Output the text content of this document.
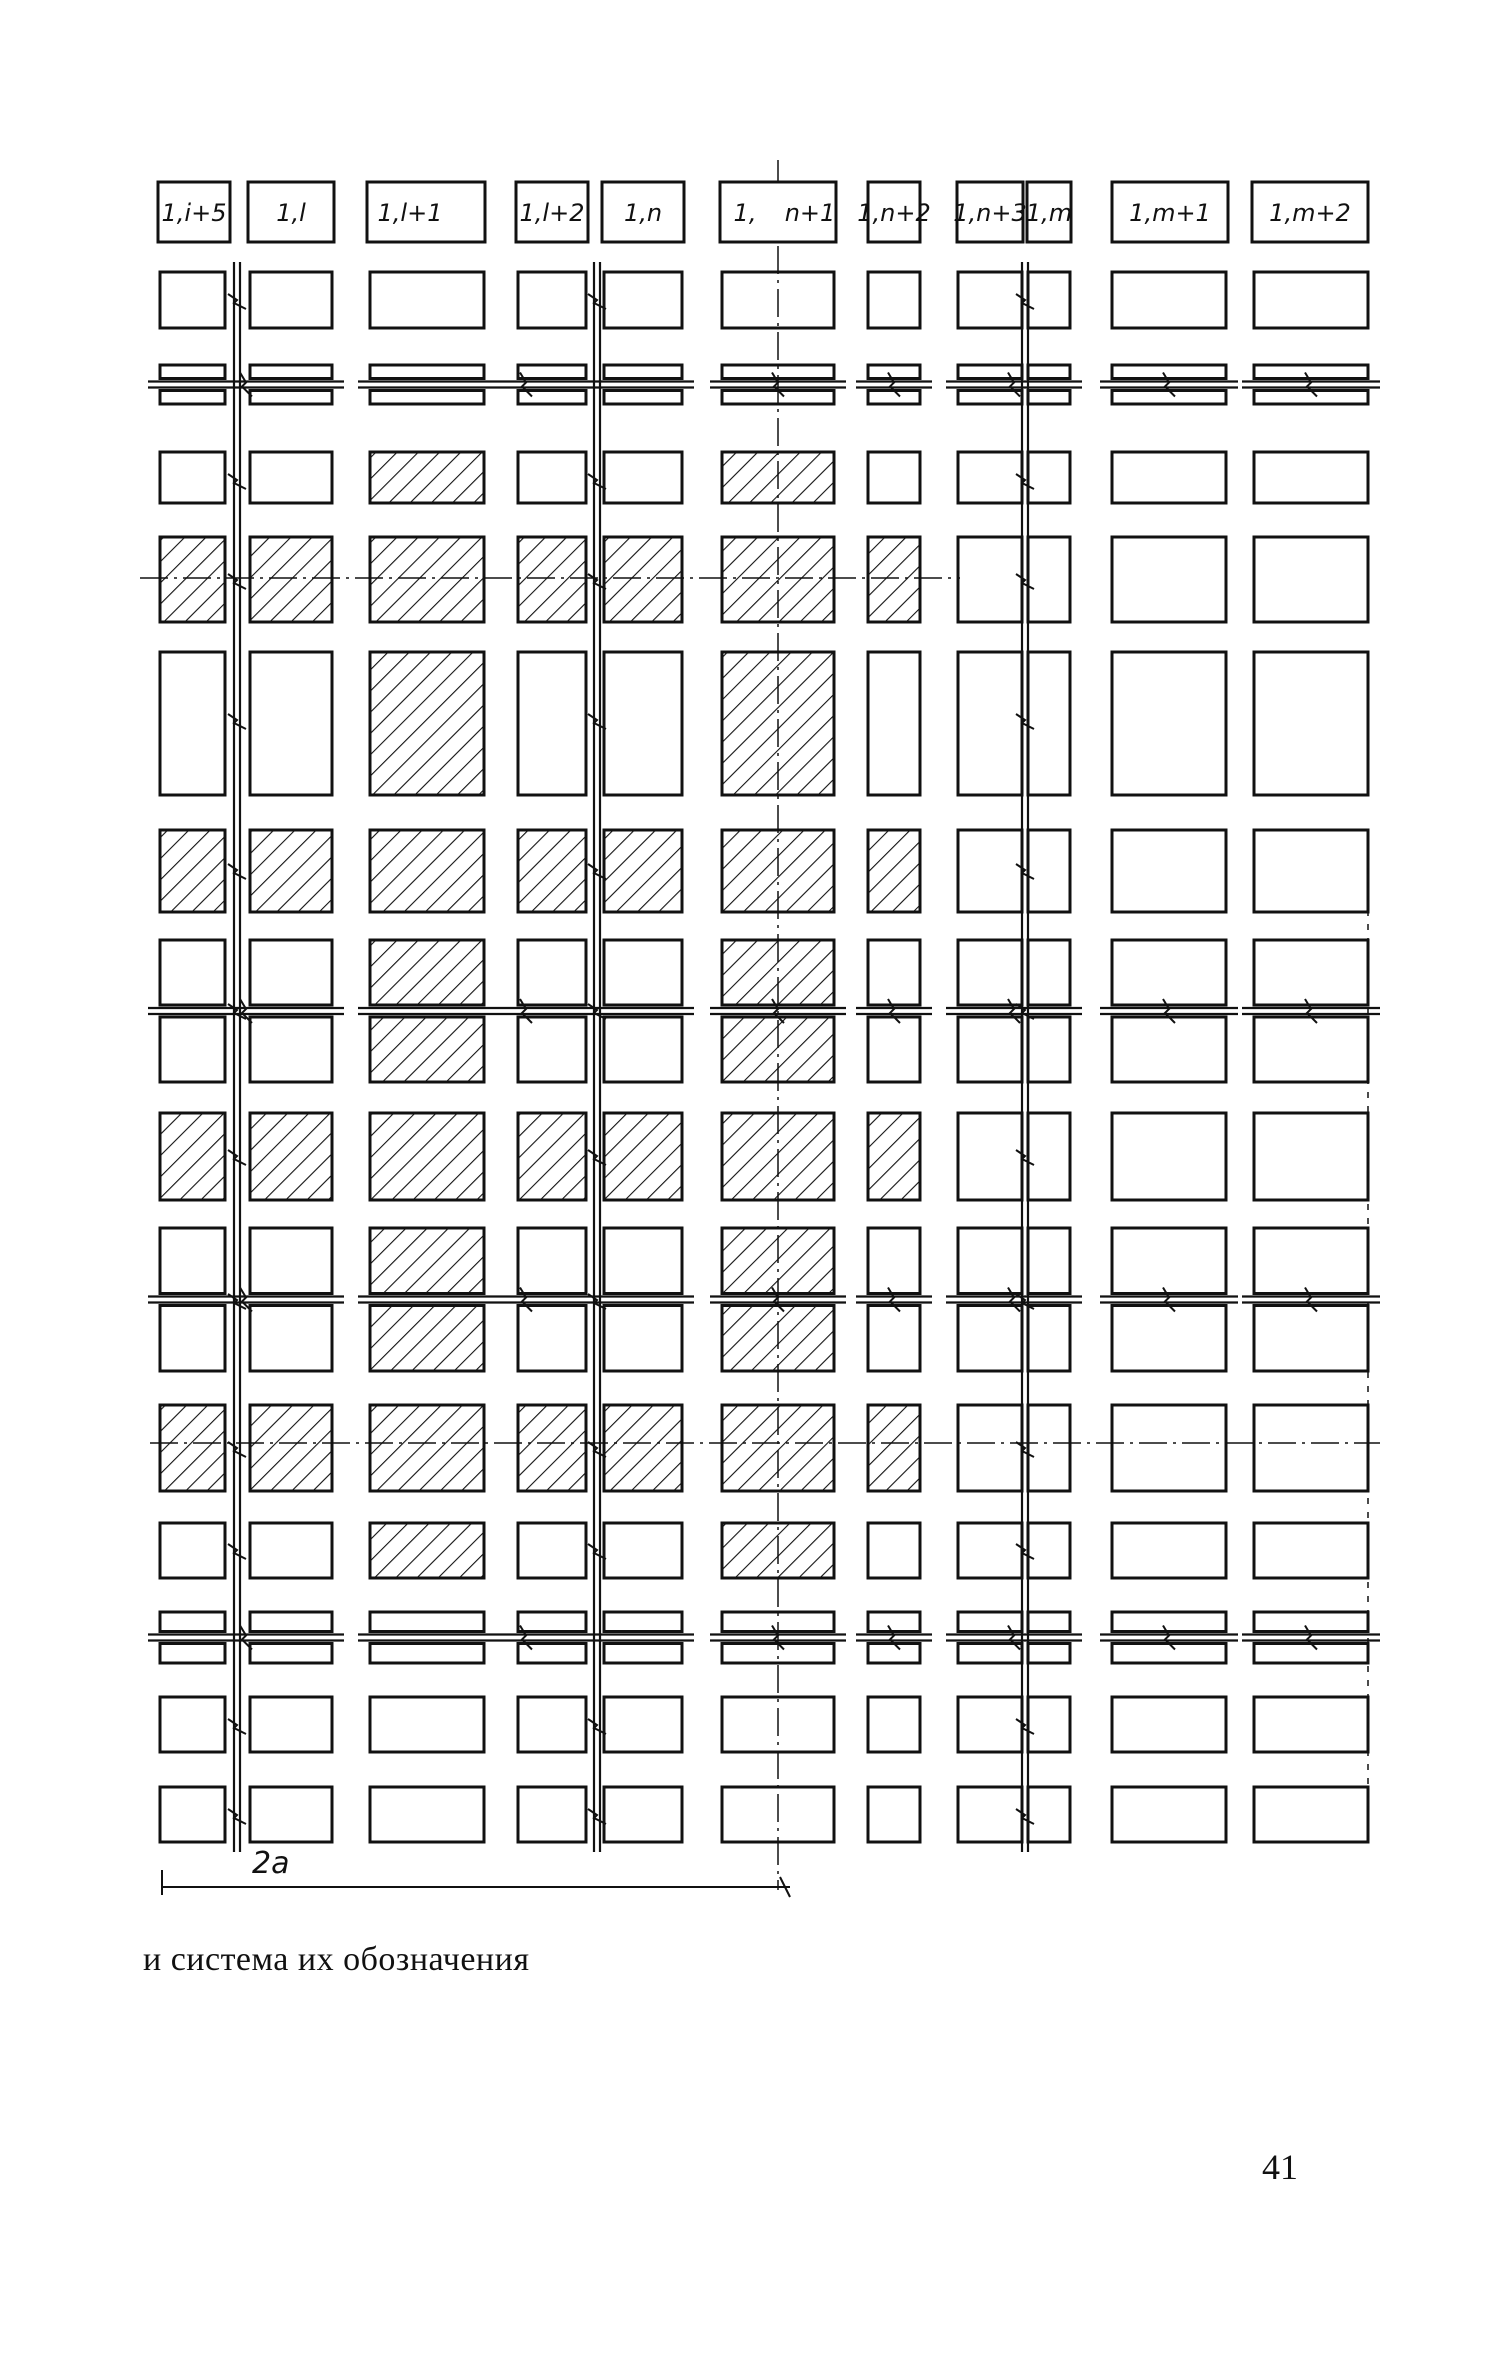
1,i+5 1,l	1,l+1	1,l+2 1,n	1, n+1 1,n+2 1,n+3 1,m 1,m+1 1,m+2
2a
и система их обозначения
41
